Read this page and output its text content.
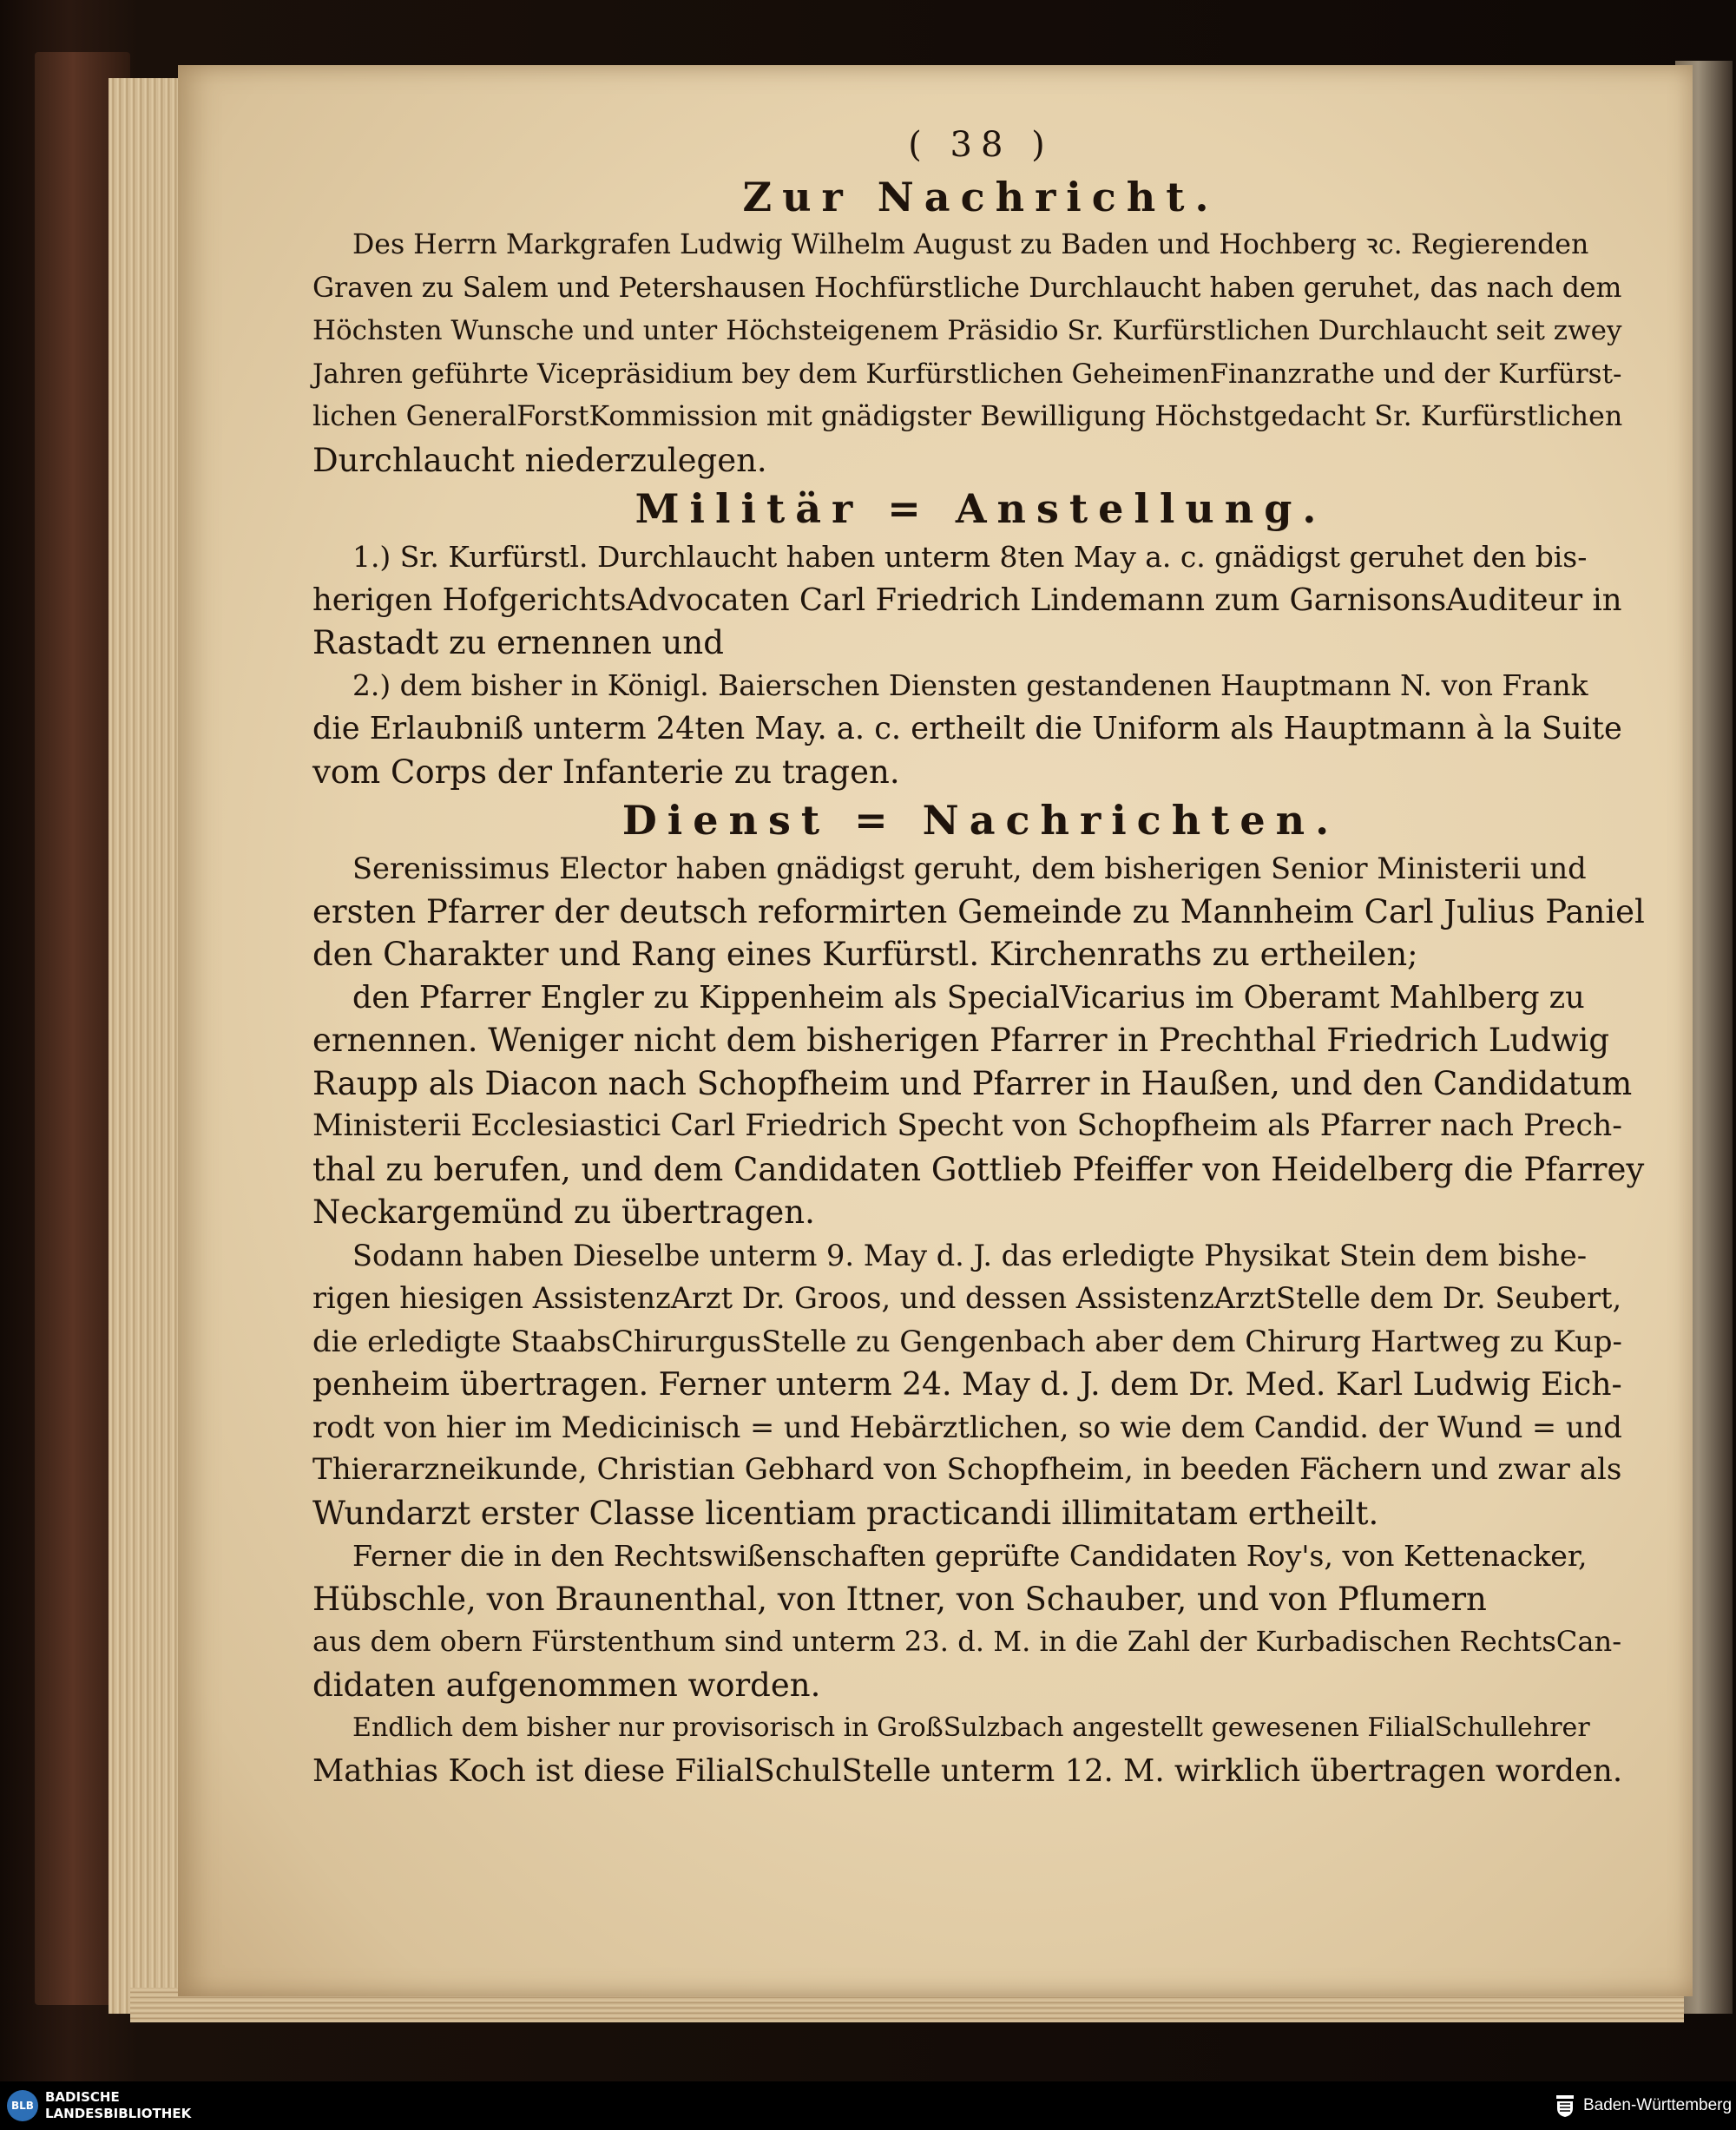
( 38 )
Zur Nachricht.
Des Herrn Markgrafen Ludwig Wilhelm August zu Baden und Hochberg ꝛc. Regierenden
Graven zu Salem und Petershausen Hochfürstliche Durchlaucht haben geruhet, das nach dem
Höchsten Wunsche und unter Höchsteigenem Präsidio Sr. Kurfürstlichen Durchlaucht seit zwey
Jahren geführte Vicepräsidium bey dem Kurfürstlichen GeheimenFinanzrathe und der Kurfürst-
lichen GeneralForstKommission mit gnädigster Bewilligung Höchstgedacht Sr. Kurfürstlichen
Durchlaucht niederzulegen.
Militär = Anstellung.
1.) Sr. Kurfürstl. Durchlaucht haben unterm 8ten May a. c. gnädigst geruhet den bis-
herigen HofgerichtsAdvocaten Carl Friedrich Lindemann zum GarnisonsAuditeur in
Rastadt zu ernennen und
2.) dem bisher in Königl. Baierschen Diensten gestandenen Hauptmann N. von Frank
die Erlaubniß unterm 24ten May. a. c. ertheilt die Uniform als Hauptmann à la Suite
vom Corps der Infanterie zu tragen.
Dienst = Nachrichten.
Serenissimus Elector haben gnädigst geruht, dem bisherigen Senior Ministerii und
ersten Pfarrer der deutsch reformirten Gemeinde zu Mannheim Carl Julius Paniel
den Charakter und Rang eines Kurfürstl. Kirchenraths zu ertheilen;
den Pfarrer Engler zu Kippenheim als SpecialVicarius im Oberamt Mahlberg zu
ernennen. Weniger nicht dem bisherigen Pfarrer in Prechthal Friedrich Ludwig
Raupp als Diacon nach Schopfheim und Pfarrer in Haußen, und den Candidatum
Ministerii Ecclesiastici Carl Friedrich Specht von Schopfheim als Pfarrer nach Prech-
thal zu berufen, und dem Candidaten Gottlieb Pfeiffer von Heidelberg die Pfarrey
Neckargemünd zu übertragen.
Sodann haben Dieselbe unterm 9. May d. J. das erledigte Physikat Stein dem bishe-
rigen hiesigen AssistenzArzt Dr. Groos, und dessen AssistenzArztStelle dem Dr. Seubert,
die erledigte StaabsChirurgusStelle zu Gengenbach aber dem Chirurg Hartweg zu Kup-
penheim übertragen. Ferner unterm 24. May d. J. dem Dr. Med. Karl Ludwig Eich-
rodt von hier im Medicinisch = und Hebärztlichen, so wie dem Candid. der Wund = und
Thierarzneikunde, Christian Gebhard von Schopfheim, in beeden Fächern und zwar als
Wundarzt erster Classe licentiam practicandi illimitatam ertheilt.
Ferner die in den Rechtswißenschaften geprüfte Candidaten Roy's, von Kettenacker,
Hübschle, von Braunenthal, von Ittner, von Schauber, und von Pflumern
aus dem obern Fürstenthum sind unterm 23. d. M. in die Zahl der Kurbadischen RechtsCan-
didaten aufgenommen worden.
Endlich dem bisher nur provisorisch in GroßSulzbach angestellt gewesenen FilialSchullehrer
Mathias Koch ist diese FilialSchulStelle unterm 12. M. wirklich übertragen worden.
BLB
BADISCHE
LANDESBIBLIOTHEK	Baden-Württemberg
